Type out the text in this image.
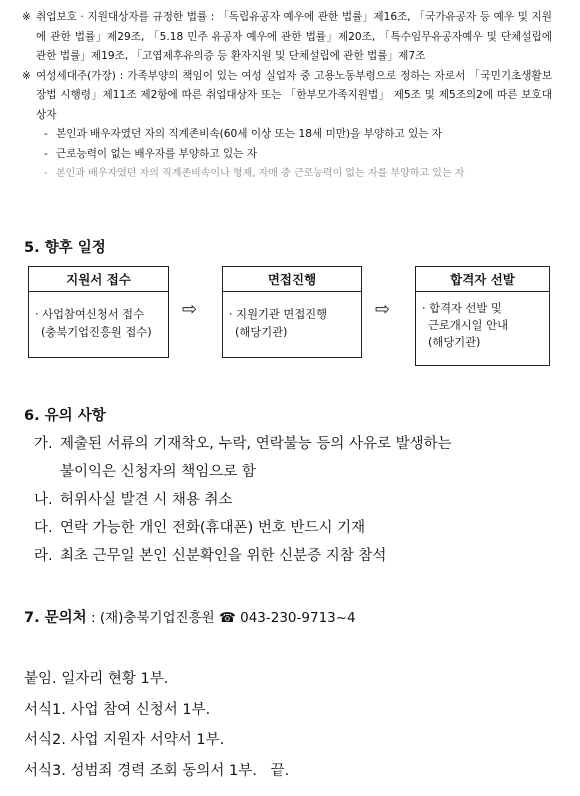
※ 취업보호 · 지원대상자를 규정한 법률 : 「독립유공자 예우에 관한 법률」제16조, 「국가유공자 등 예우 및 지원에 관한 법률」제29조, 「5.18 민주 유공자 예우에 관한 법률」제20조, 「특수임무유공자예우 및 단체설립에 관한 법률」제19조, 「고엽제후유의증 등 환자지원 및 단체설립에 관한 법률」제7조
※ 여성세대주(가장) : 가족부양의 책임이 있는 여성 실업자 중 고용노동부령으로 정하는 자로서 「국민기초생활보장법 시행령」제11조 제2항에 따른 취업대상자 또는 「한부모가족지원법」 제5조 및 제5조의2에 따른 보호대상자
- 본인과 배우자였던 자의 직계존비속(60세 이상 또는 18세 미만)을 부양하고 있는 자
- 근로능력이 없는 배우자를 부양하고 있는 자
- 본인과 배우자였던 자의 직계존비속이나 형제, 자매 중 근로능력이 없는 자를 부양하고 있는 자
5. 향후 일정
지원서 접수
· 사업참여신청서 접수
(충북기업진흥원 접수)
⇨
면접진행
· 지원기관 면접진행
(해당기관)
⇨
합격자 선발
· 합격자 선발 및
근로개시일 안내
(해당기관)
6. 유의 사항
가. 제출된 서류의 기재착오, 누락, 연락불능 등의 사유로 발생하는
불이익은 신청자의 책임으로 함
나. 허위사실 발견 시 채용 취소
다. 연락 가능한 개인 전화(휴대폰) 번호 반드시 기재
라. 최초 근무일 본인 신분확인을 위한 신분증 지참 참석
7. 문의처 : (재)충북기업진흥원 ☎ 043-230-9713~4
붙임. 일자리 현황 1부.
서식1. 사업 참여 신청서 1부.
서식2. 사업 지원자 서약서 1부.
서식3. 성범죄 경력 조회 동의서 1부.   끝.
